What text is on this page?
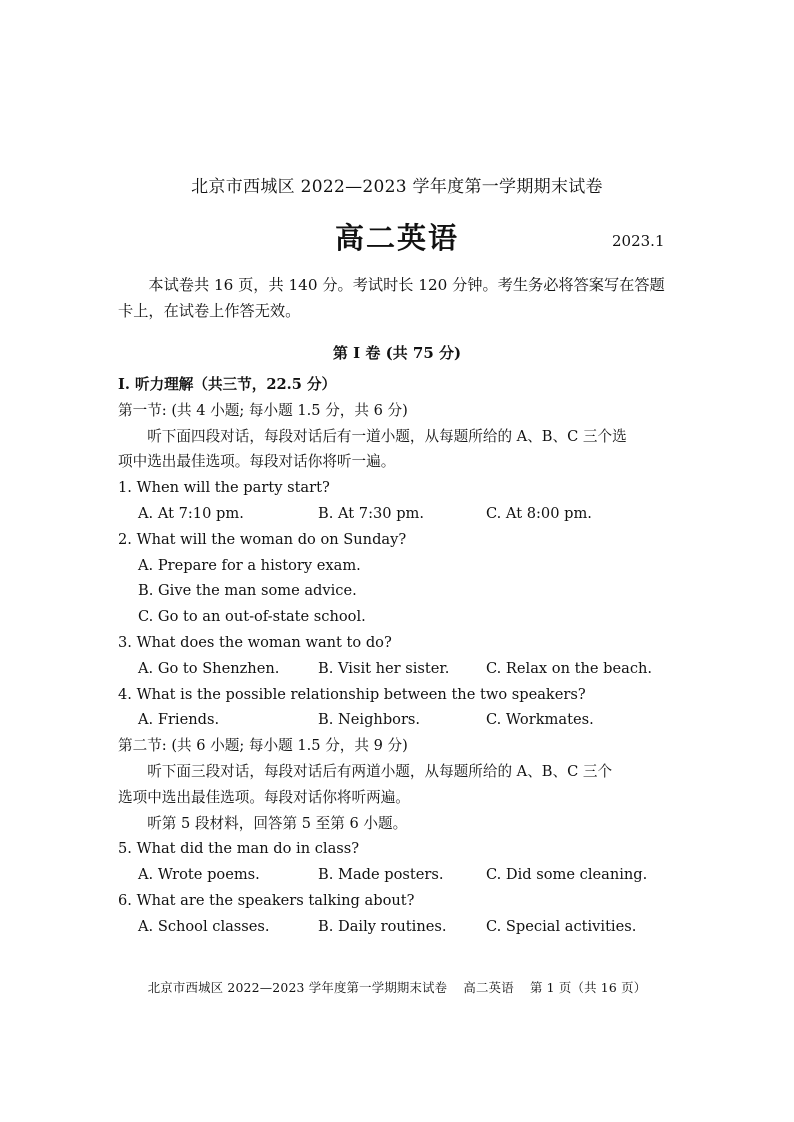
北京市西城区 2022—2023 学年度第一学期期末试卷
高二英语	2023.1
本试卷共 16 页，共 140 分。考试时长 120 分钟。考生务必将答案写在答题卡上，在试卷上作答无效。
第 I 卷 (共 75 分)
I. 听力理解（共三节，22.5 分）
第一节: (共 4 小题; 每小题 1.5 分，共 6 分)
听下面四段对话，每段对话后有一道小题，从每题所给的 A、B、C 三个选
项中选出最佳选项。每段对话你将听一遍。
1. When will the party start?
A. At 7:10 pm.	B. At 7:30 pm.	C. At 8:00 pm.
2. What will the woman do on Sunday?
A. Prepare for a history exam.
B. Give the man some advice.
C. Go to an out-of-state school.
3. What does the woman want to do?
A. Go to Shenzhen.	B. Visit her sister.	C. Relax on the beach.
4. What is the possible relationship between the two speakers?
A. Friends.	B. Neighbors.	C. Workmates.
第二节: (共 6 小题; 每小题 1.5 分，共 9 分)
听下面三段对话，每段对话后有两道小题，从每题所给的 A、B、C 三个
选项中选出最佳选项。每段对话你将听两遍。
听第 5 段材料，回答第 5 至第 6 小题。
5. What did the man do in class?
A. Wrote poems.	B. Made posters.	C. Did some cleaning.
6. What are the speakers talking about?
A. School classes.	B. Daily routines.	C. Special activities.
北京市西城区 2022—2023 学年度第一学期期末试卷 高二英语 第 1 页（共 16 页）
